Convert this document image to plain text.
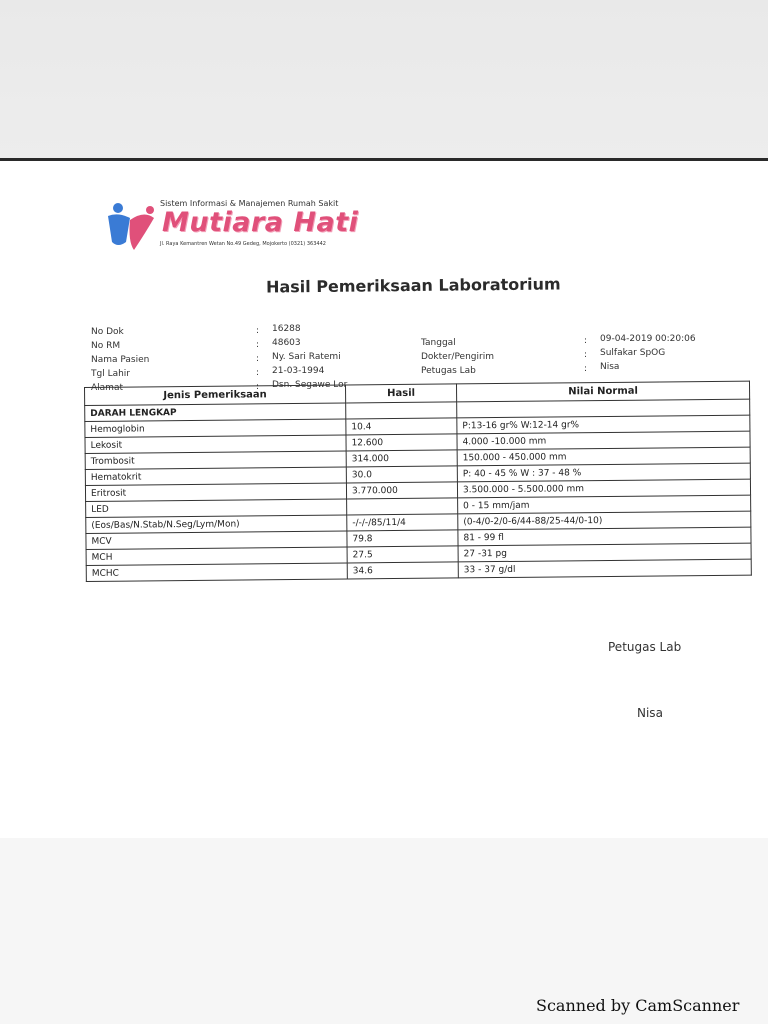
Sistem Informasi & Manajemen Rumah Sakit
Mutiara Hati
Jl. Raya Kemantren Wetan No.49 Gedeg, Mojokerto (0321) 363442
Hasil Pemeriksaan Laboratorium
No Dok	: 16288
No RM	: 48603
Nama Pasien	: Ny. Sari Ratemi
Tgl Lahir	: 21-03-1994
Alamat	: Dsn. Segawe Lor
Tanggal	: 09-04-2019 00:20:06
Dokter/Pengirim	: Sulfakar SpOG
Petugas Lab	: Nisa
Jenis Pemeriksaan	Hasil	Nilai Normal
DARAH LENGKAP		
Hemoglobin	10.4	P:13-16 gr% W:12-14 gr%
Lekosit	12.600	4.000 -10.000 mm
Trombosit	314.000	150.000 - 450.000 mm
Hematokrit	30.0	P: 40 - 45 % W : 37 - 48 %
Eritrosit	3.770.000	3.500.000 - 5.500.000 mm
LED		0 - 15 mm/jam
(Eos/Bas/N.Stab/N.Seg/Lym/Mon)	-/-/-/85/11/4	(0-4/0-2/0-6/44-88/25-44/0-10)
MCV	79.8	81 - 99 fl
MCH	27.5	27 -31 pg
MCHC	34.6	33 - 37 g/dl
Petugas Lab
Nisa
Scanned by CamScanner
